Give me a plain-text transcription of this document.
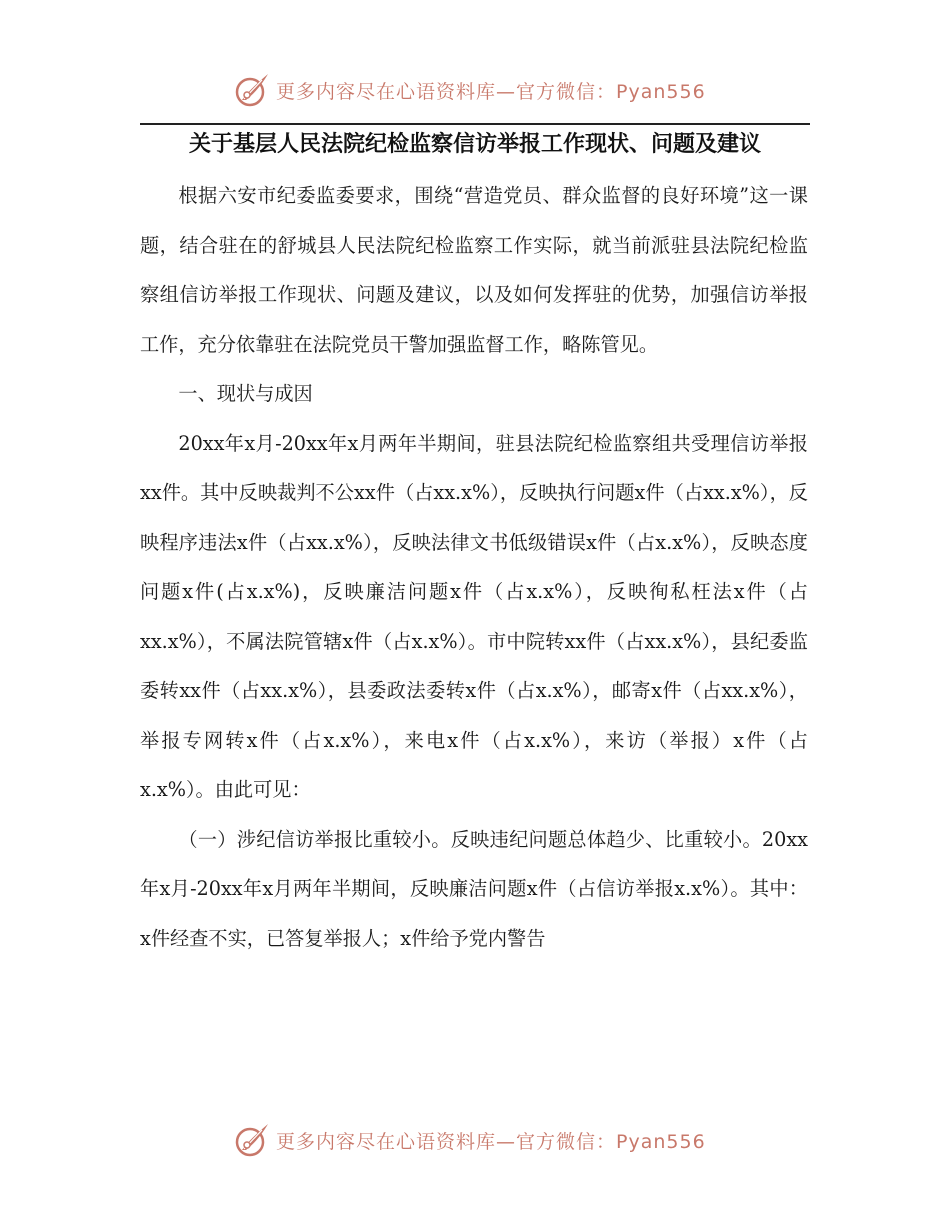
更多内容尽在心语资料库—官方微信：Pyan556
关于基层人民法院纪检监察信访举报工作现状、问题及建议

根据六安市纪委监委要求，围绕“营造党员、群众监督的良好环境”这一课题，结合驻在的舒城县人民法院纪检监察工作实际，就当前派驻县法院纪检监察组信访举报工作现状、问题及建议，以及如何发挥驻的优势，加强信访举报工作，充分依靠驻在法院党员干警加强监督工作，略陈管见。

一、现状与成因

20xx年x月-20xx年x月两年半期间，驻县法院纪检监察组共受理信访举报xx件。其中反映裁判不公xx件（占xx.x%），反映执行问题x件（占xx.x%），反映程序违法x件（占xx.x%），反映法律文书低级错误x件（占x.x%），反映态度问题x件(占x.x%)，反映廉洁问题x件（占x.x%），反映徇私枉法x件（占xx.x%），不属法院管辖x件（占x.x%）。市中院转xx件（占xx.x%），县纪委监委转xx件（占xx.x%），县委政法委转x件（占x.x%），邮寄x件（占xx.x%），举报专网转x件（占x.x%），来电x件（占x.x%），来访（举报）x件（占x.x%）。由此可见：

（一）涉纪信访举报比重较小。反映违纪问题总体趋少、比重较小。20xx年x月-20xx年x月两年半期间，反映廉洁问题x件（占信访举报x.x%）。其中：x件经查不实，已答复举报人；x件给予党内警告

更多内容尽在心语资料库—官方微信：Pyan556
